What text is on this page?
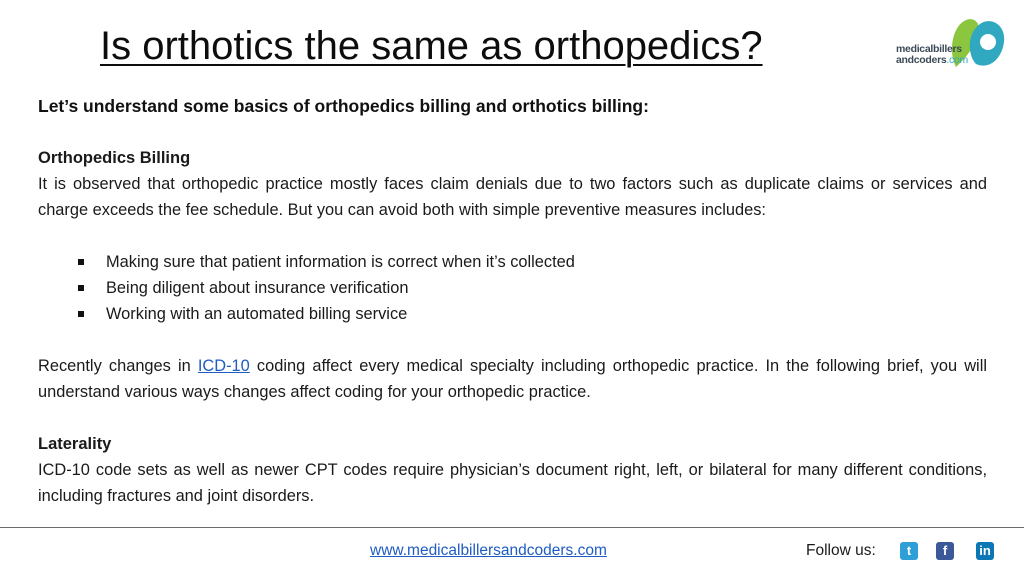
Is orthotics the same as orthopedics?	medicalbillers
andcoders.com
Let’s understand some basics of orthopedics billing and orthotics billing:

Orthopedics Billing

It is observed that orthopedic practice mostly faces claim denials due to two factors such as duplicate claims or services and charge exceeds the fee schedule. But you can avoid both with simple preventive measures includes:

Making sure that patient information is correct when it’s collected
Being diligent about insurance verification
Working with an automated billing service

Recently changes in ICD-10 coding affect every medical specialty including orthopedic practice. In the following brief, you will understand various ways changes affect coding for your orthopedic practice.

Laterality

ICD-10 code sets as well as newer CPT codes require physician’s document right, left, or bilateral for many different conditions, including fractures and joint disorders.

www.medicalbillersandcoders.com	Follow us:	t	f	in
